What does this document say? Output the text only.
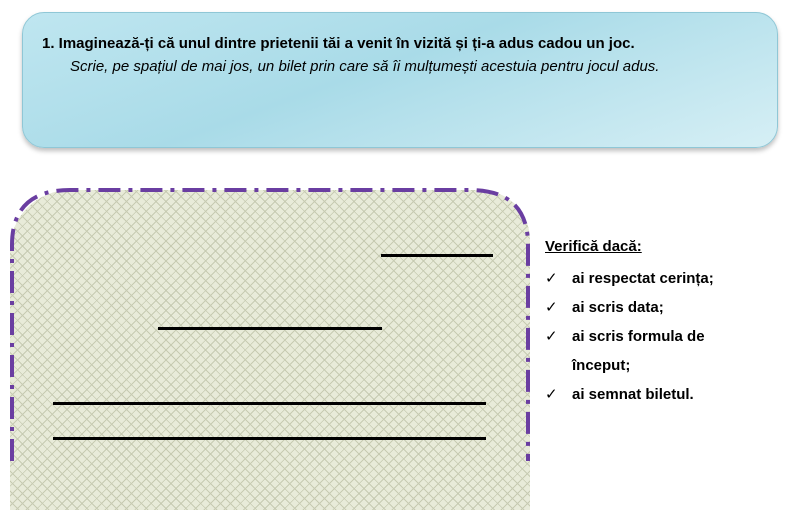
1. Imaginează-ți că unul dintre prietenii tăi a venit în vizită și ți-a adus cadou un joc.
Scrie, pe spațiul de mai jos, un bilet prin care să îi mulțumești acestuia pentru jocul adus.
Verifică dacă:
✓ ai respectat cerința;
✓ ai scris data;
✓ ai scris formula de început;
✓ ai semnat biletul.
